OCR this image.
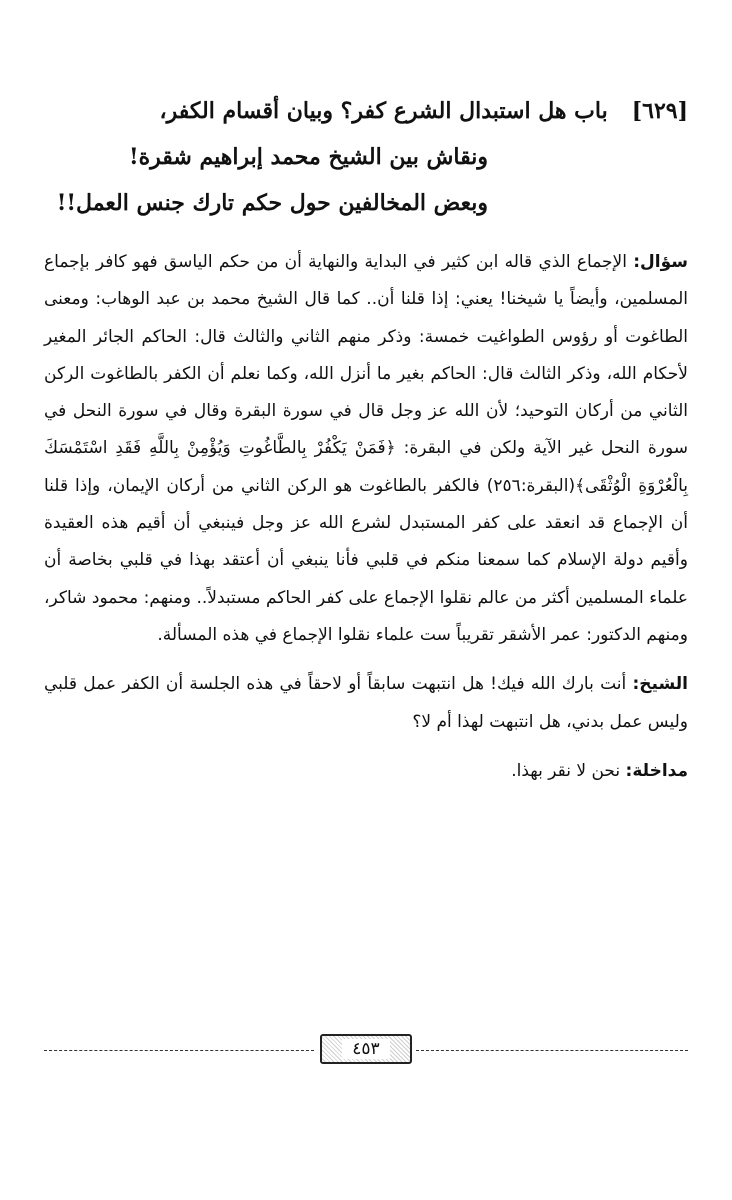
[٦٢٩]باب هل استبدال الشرع كفر؟ وبيان أقسام الكفر،
ونقاش بين الشيخ محمد إبراهيم شقرة!
وبعض المخالفين حول حكم تارك جنس العمل!!

سؤال: الإجماع الذي قاله ابن كثير في البداية والنهاية أن من حكم الياسق فهو كافر بإجماع المسلمين، وأيضاً يا شيخنا! يعني: إذا قلنا أن.. كما قال الشيخ محمد بن عبد الوهاب: ومعنى الطاغوت أو رؤوس الطواغيت خمسة: وذكر منهم الثاني والثالث قال: الحاكم الجائر المغير لأحكام الله، وذكر الثالث قال: الحاكم بغير ما أنزل الله، وكما نعلم أن الكفر بالطاغوت الركن الثاني من أركان التوحيد؛ لأن الله عز وجل قال في سورة البقرة وقال في سورة النحل في سورة النحل غير الآية ولكن في البقرة: ﴿فَمَنْ يَكْفُرْ بِالطَّاغُوتِ وَيُؤْمِنْ بِاللَّهِ فَقَدِ اسْتَمْسَكَ بِالْعُرْوَةِ الْوُثْقَى﴾(البقرة:٢٥٦) فالكفر بالطاغوت هو الركن الثاني من أركان الإيمان، وإذا قلنا أن الإجماع قد انعقد على كفر المستبدل لشرع الله عز وجل فينبغي أن أقيم هذه العقيدة وأقيم دولة الإسلام كما سمعنا منكم في قلبي فأنا ينبغي أن أعتقد بهذا في قلبي بخاصة أن علماء المسلمين أكثر من عالم نقلوا الإجماع على كفر الحاكم مستبدلاً.. ومنهم: محمود شاكر، ومنهم الدكتور: عمر الأشقر تقريباً ست علماء نقلوا الإجماع في هذه المسألة.

الشيخ: أنت بارك الله فيك! هل انتبهت سابقاً أو لاحقاً في هذه الجلسة أن الكفر عمل قلبي وليس عمل بدني، هل انتبهت لهذا أم لا؟

مداخلة: نحن لا نقر بهذا.

٤٥٣
